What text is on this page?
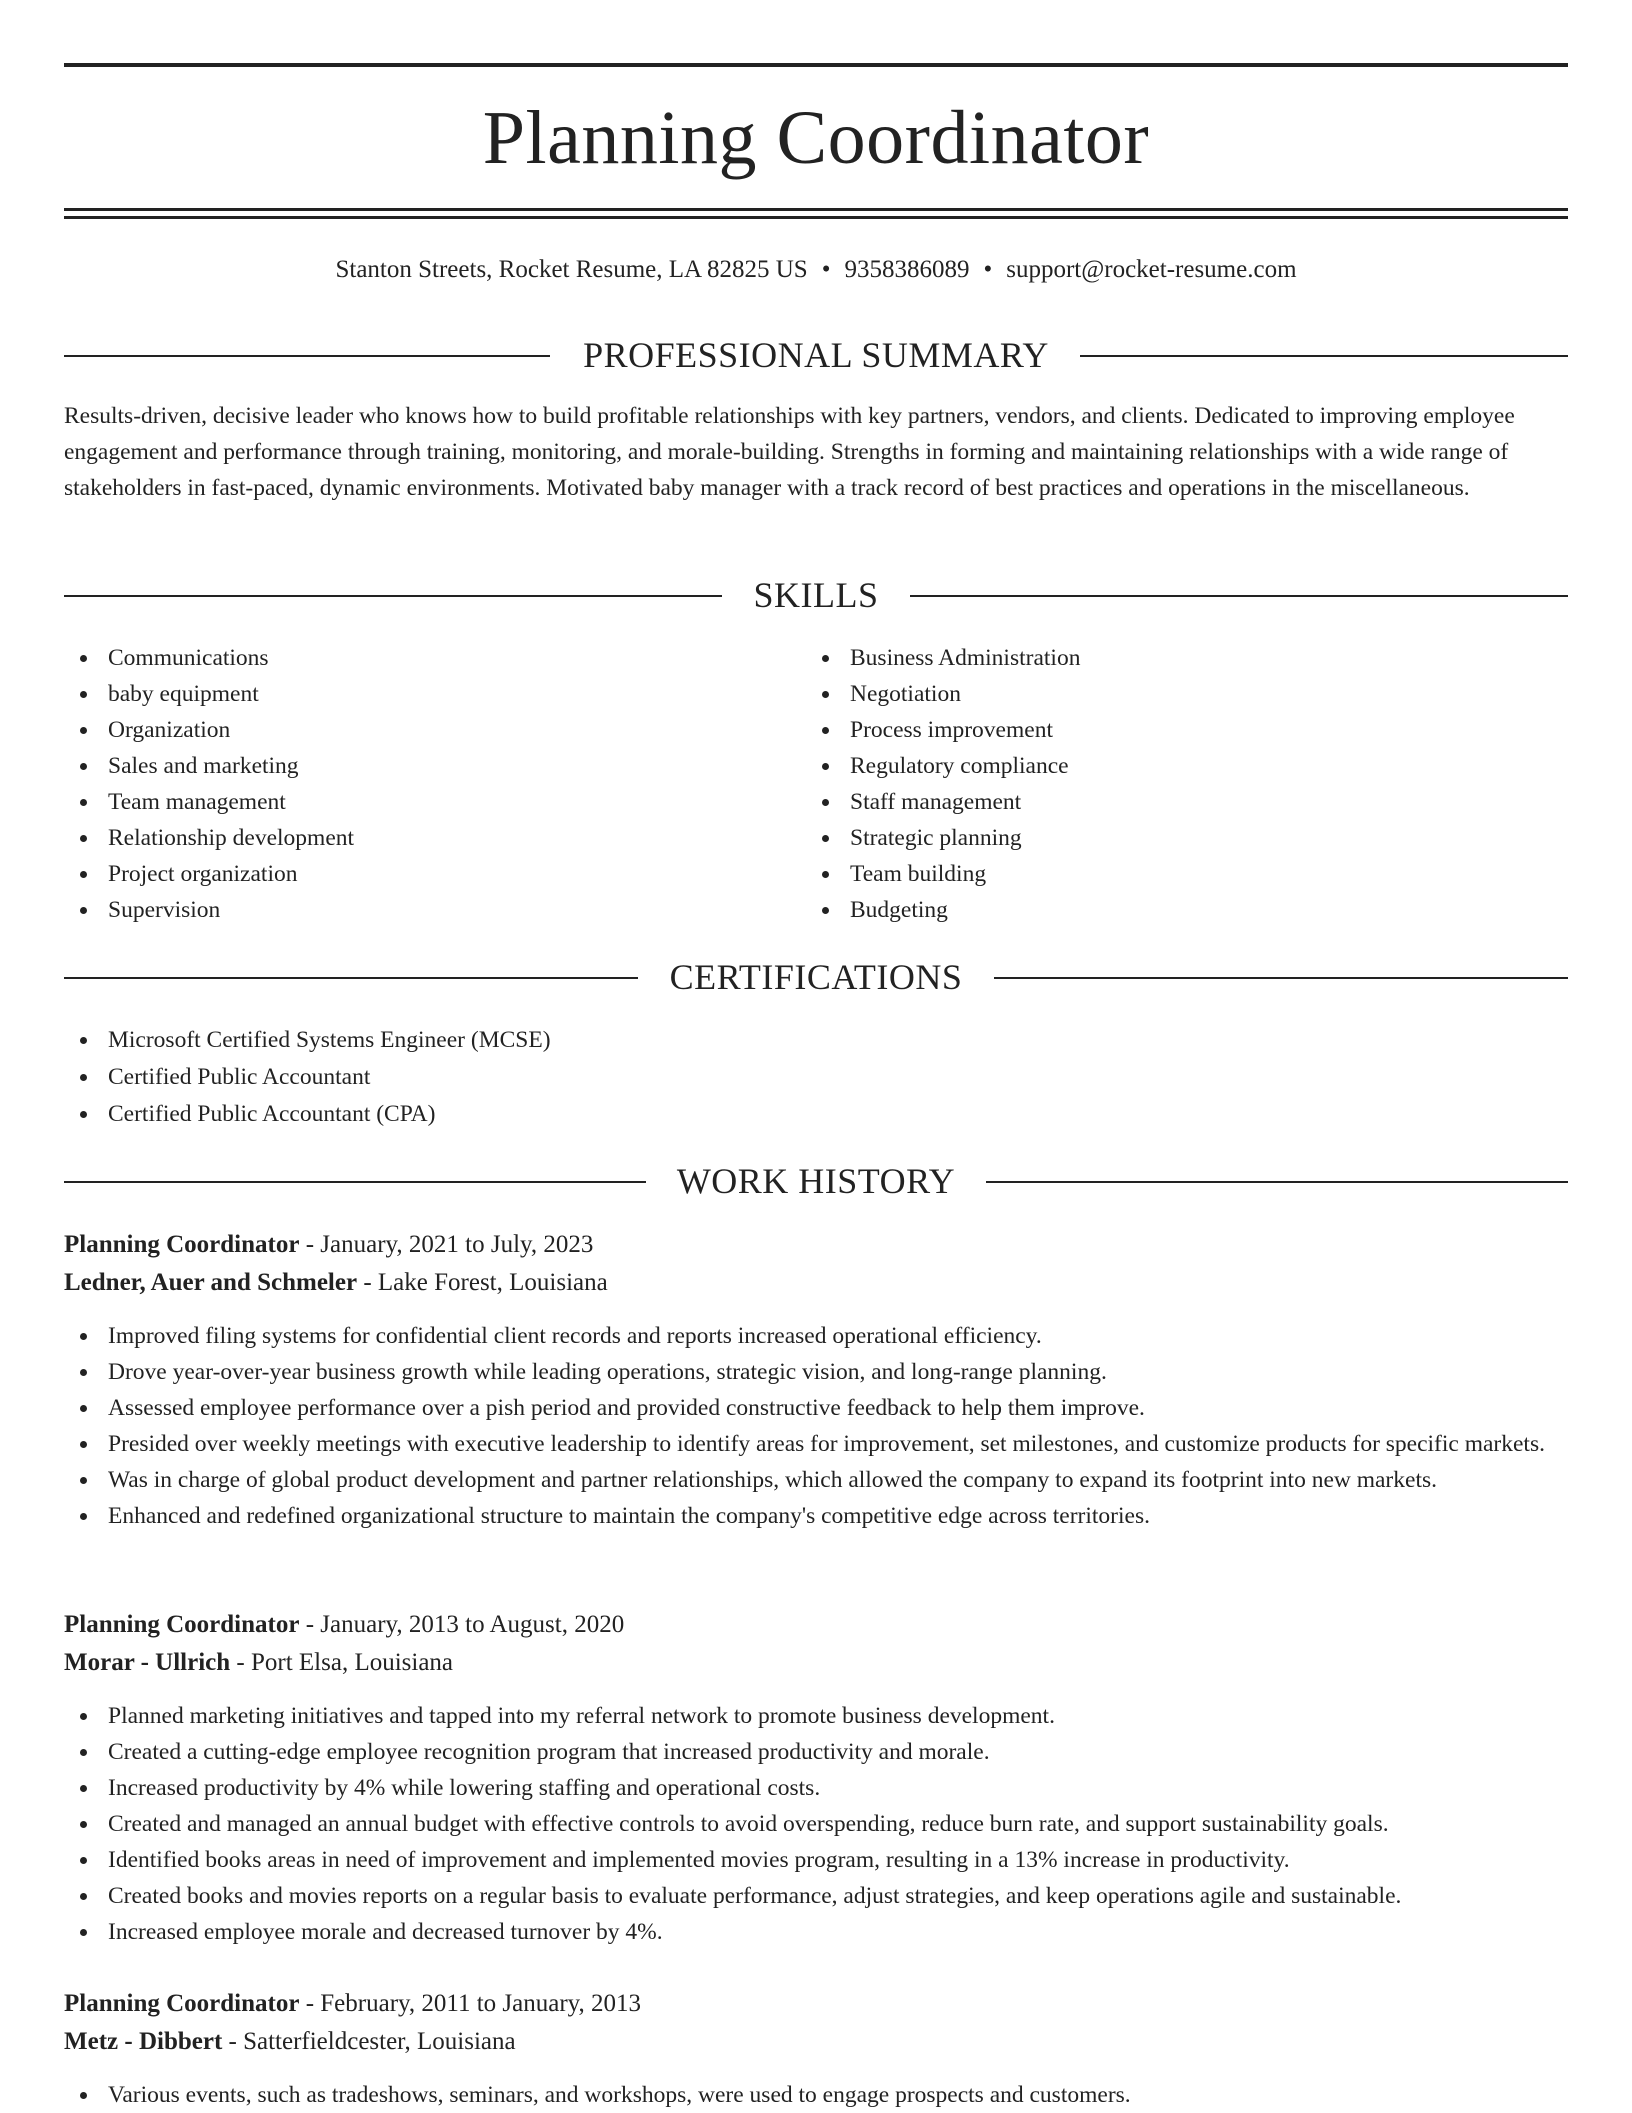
Planning Coordinator
Stanton Streets, Rocket Resume, LA 82825 US • 9358386089 • support@rocket-resume.com
PROFESSIONAL SUMMARY

Results-driven, decisive leader who knows how to build profitable relationships with key partners, vendors, and clients. Dedicated to improving employee engagement and performance through training, monitoring, and morale-building. Strengths in forming and maintaining relationships with a wide range of stakeholders in fast-paced, dynamic environments. Motivated baby manager with a track record of best practices and operations in the miscellaneous.

SKILLS
Communications
baby equipment
Organization
Sales and marketing
Team management
Relationship development
Project organization
Supervision
Business Administration
Negotiation
Process improvement
Regulatory compliance
Staff management
Strategic planning
Team building
Budgeting
CERTIFICATIONS
Microsoft Certified Systems Engineer (MCSE)
Certified Public Accountant
Certified Public Accountant (CPA)
WORK HISTORY
Planning Coordinator - January, 2021 to July, 2023
Ledner, Auer and Schmeler - Lake Forest, Louisiana
Improved filing systems for confidential client records and reports increased operational efficiency.
Drove year-over-year business growth while leading operations, strategic vision, and long-range planning.
Assessed employee performance over a pish period and provided constructive feedback to help them improve.
Presided over weekly meetings with executive leadership to identify areas for improvement, set milestones, and customize products for specific markets.
Was in charge of global product development and partner relationships, which allowed the company to expand its footprint into new markets.
Enhanced and redefined organizational structure to maintain the company's competitive edge across territories.
Planning Coordinator - January, 2013 to August, 2020
Morar - Ullrich - Port Elsa, Louisiana
Planned marketing initiatives and tapped into my referral network to promote business development.
Created a cutting-edge employee recognition program that increased productivity and morale.
Increased productivity by 4% while lowering staffing and operational costs.
Created and managed an annual budget with effective controls to avoid overspending, reduce burn rate, and support sustainability goals.
Identified books areas in need of improvement and implemented movies program, resulting in a 13% increase in productivity.
Created books and movies reports on a regular basis to evaluate performance, adjust strategies, and keep operations agile and sustainable.
Increased employee morale and decreased turnover by 4%.
Planning Coordinator - February, 2011 to January, 2013
Metz - Dibbert - Satterfieldcester, Louisiana
Various events, such as tradeshows, seminars, and workshops, were used to engage prospects and customers.
